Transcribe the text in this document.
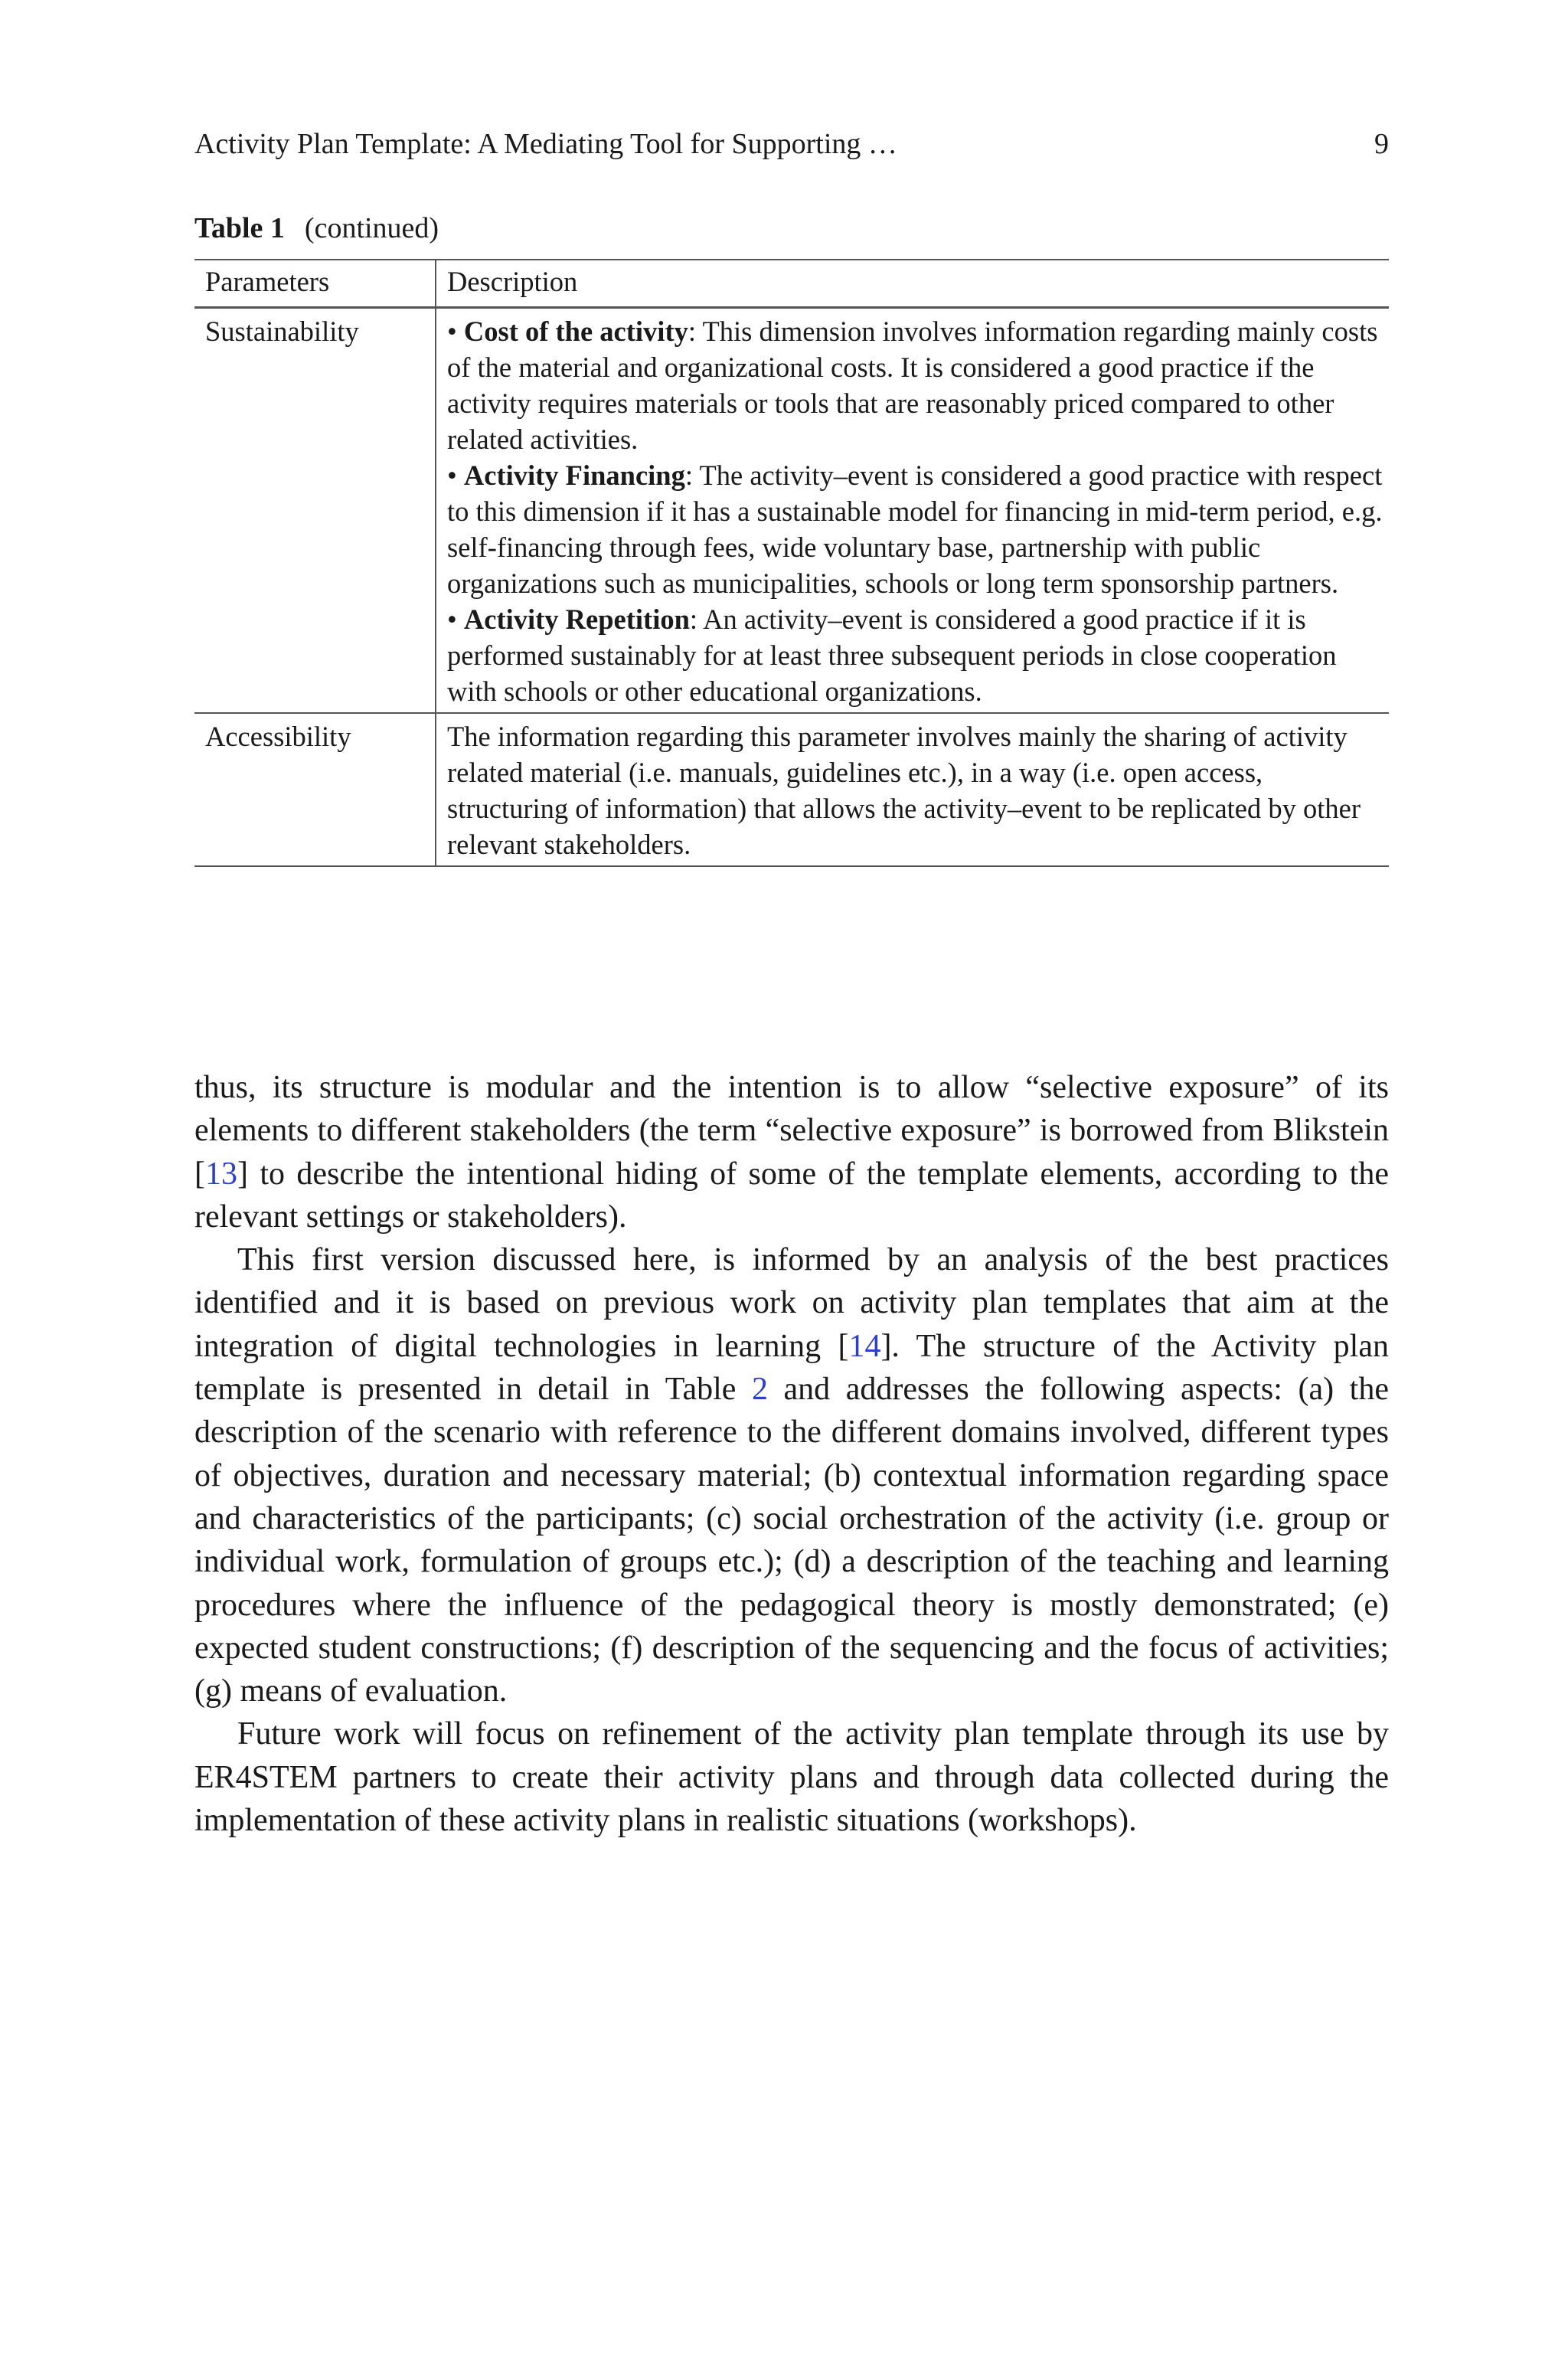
Activity Plan Template: A Mediating Tool for Supporting …	9
Table 1 (continued)
Parameters	Description
Sustainability	• Cost of the activity: This dimension involves information regarding mainly costs of the material and organizational costs. It is considered a good practice if the activity requires materials or tools that are reasonably priced compared to other related activities.
• Activity Financing: The activity–event is considered a good practice with respect to this dimension if it has a sustainable model for financing in mid-term period, e.g. self-financing through fees, wide voluntary base, partnership with public organizations such as municipalities, schools or long term sponsorship partners.
• Activity Repetition: An activity–event is considered a good practice if it is performed sustainably for at least three subsequent periods in close cooperation with schools or other educational organizations.

Accessibility	The information regarding this parameter involves mainly the sharing of activity related material (i.e. manuals, guidelines etc.), in a way (i.e. open access, structuring of information) that allows the activity–event to be replicated by other relevant stakeholders.

thus, its structure is modular and the intention is to allow “selective exposure” of its elements to different stakeholders (the term “selective exposure” is borrowed from Blikstein [13] to describe the intentional hiding of some of the template elements, according to the relevant settings or stakeholders).

This first version discussed here, is informed by an analysis of the best practices identified and it is based on previous work on activity plan templates that aim at the integration of digital technologies in learning [14]. The structure of the Activity plan template is presented in detail in Table 2 and addresses the following aspects: (a) the description of the scenario with reference to the different domains involved, different types of objectives, duration and necessary material; (b) contextual information regarding space and characteristics of the participants; (c) social orchestration of the activity (i.e. group or individual work, formulation of groups etc.); (d) a description of the teaching and learning procedures where the influence of the pedagogical theory is mostly demonstrated; (e) expected student constructions; (f) description of the sequencing and the focus of activities; (g) means of evaluation.

Future work will focus on refinement of the activity plan template through its use by ER4STEM partners to create their activity plans and through data collected during the implementation of these activity plans in realistic situations (workshops).
